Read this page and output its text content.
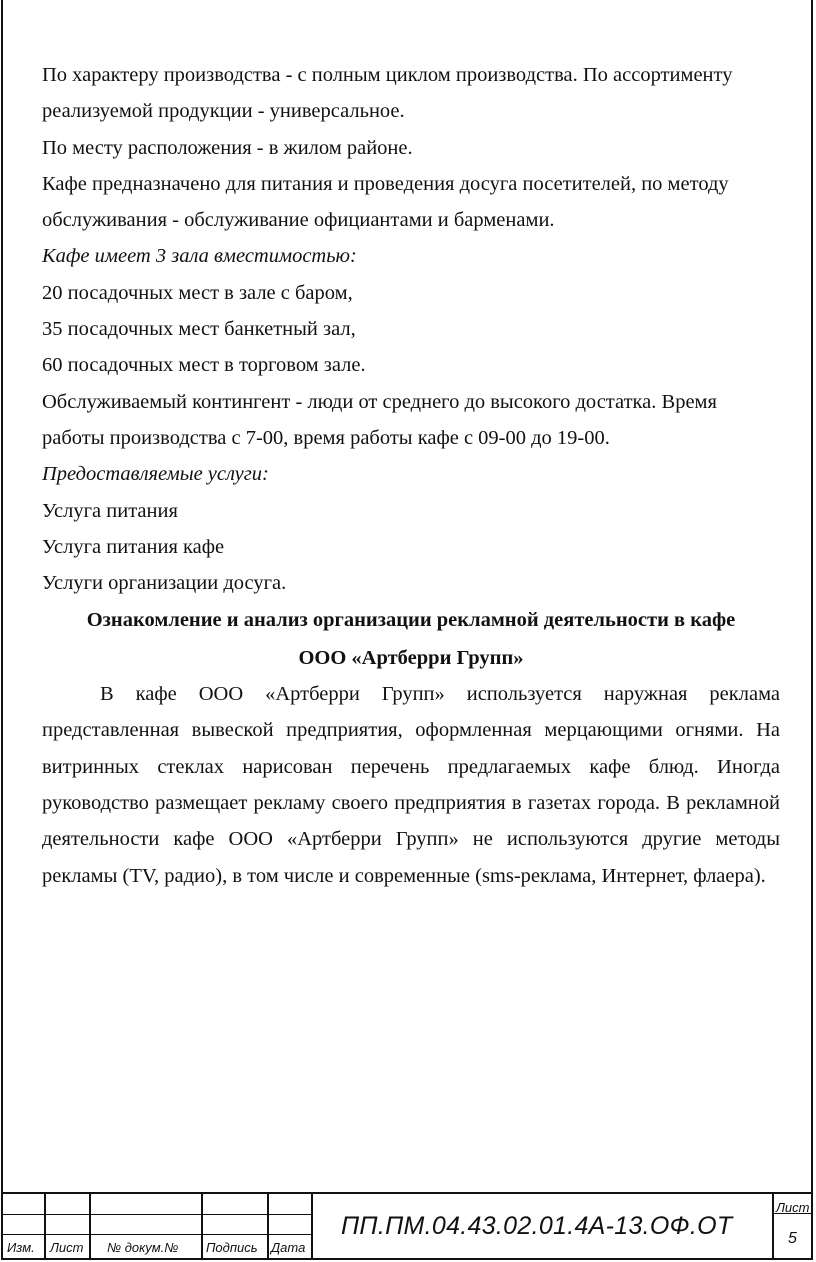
По характеру производства - с полным циклом производства. По ассортименту реализуемой продукции - универсальное.

По месту расположения - в жилом районе.

Кафе предназначено для питания и проведения досуга посетителей, по методу обслуживания - обслуживание официантами и барменами.

Кафе имеет 3 зала вместимостью:

20 посадочных мест в зале с баром,

35 посадочных мест банкетный зал,

60 посадочных мест в торговом зале.

Обслуживаемый контингент - люди от среднего до высокого достатка. Время работы производства с 7-00, время работы кафе с 09-00 до 19-00.

Предоставляемые услуги:

Услуга питания

Услуга питания кафе

Услуги организации досуга.

Ознакомление и анализ организации рекламной деятельности в кафе

ООО «Артберри Групп»

В кафе ООО «Артберри Групп» используется наружная реклама представленная вывеской предприятия, оформленная мерцающими огнями. На витринных стеклах нарисован перечень предлагаемых кафе блюд. Иногда руководство размещает рекламу своего предприятия в газетах города. В рекламной деятельности кафе ООО «Артберри Групп» не используются другие методы рекламы (TV, радио), в том числе и современные (sms-реклама, Интернет, флаера).

Изм. Лист № докум.№ Подпись Дата
ПП.ПМ.04.43.02.01.4А-13.ОФ.ОТ
Лист
5
